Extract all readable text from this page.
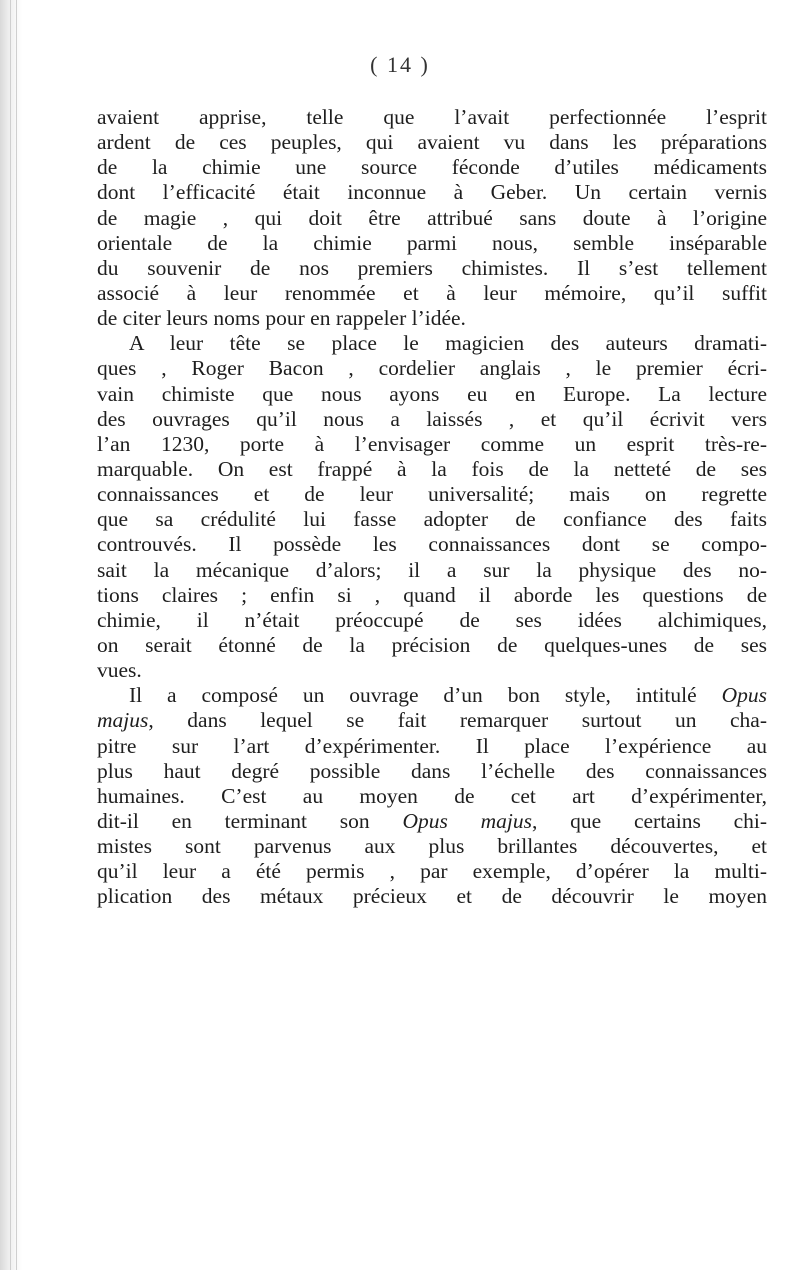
( 14 )
avaient apprise, telle que l’avait perfectionnée l’esprit
ardent de ces peuples, qui avaient vu dans les préparations
de la chimie une source féconde d’utiles médicaments
dont l’efficacité était inconnue à Geber. Un certain vernis
de magie , qui doit être attribué sans doute à l’origine
orientale de la chimie parmi nous, semble inséparable
du souvenir de nos premiers chimistes. Il s’est tellement
associé à leur renommée et à leur mémoire, qu’il suffit
de citer leurs noms pour en rappeler l’idée.
A leur tête se place le magicien des auteurs dramati-
ques , Roger Bacon , cordelier anglais , le premier écri-
vain chimiste que nous ayons eu en Europe. La lecture
des ouvrages qu’il nous a laissés , et qu’il écrivit vers
l’an 1230, porte à l’envisager comme un esprit très-re-
marquable. On est frappé à la fois de la netteté de ses
connaissances et de leur universalité; mais on regrette
que sa crédulité lui fasse adopter de confiance des faits
controuvés. Il possède les connaissances dont se compo-
sait la mécanique d’alors; il a sur la physique des no-
tions claires ; enfin si , quand il aborde les questions de
chimie, il n’était préoccupé de ses idées alchimiques,
on serait étonné de la précision de quelques-unes de ses
vues.
Il a composé un ouvrage d’un bon style, intitulé Opus
majus, dans lequel se fait remarquer surtout un cha-
pitre sur l’art d’expérimenter. Il place l’expérience au
plus haut degré possible dans l’échelle des connaissances
humaines. C’est au moyen de cet art d’expérimenter,
dit-il en terminant son Opus majus, que certains chi-
mistes sont parvenus aux plus brillantes découvertes, et
qu’il leur a été permis , par exemple, d’opérer la multi-
plication des métaux précieux et de découvrir le moyen
